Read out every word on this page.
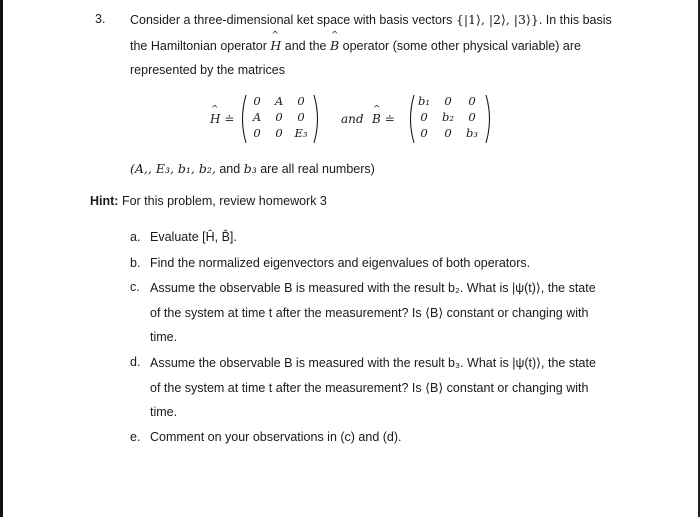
3. Consider a three-dimensional ket space with basis vectors {|1⟩, |2⟩, |3⟩}. In this basis
the Hamiltonian operator ^ H and the ^ B operator (some other physical variable) are
represented by the matrices
^ H ≐
0	A	0
A	0	0
0	0	E₃
and ^ B ≐
b₁	0	0
0	b₂	0
0	0	b₃
(A,, E₃, b₁, b₂, and b₃ are all real numbers)
Hint: For this problem, review homework 3
a. Evaluate [Ĥ, B̂].
b. Find the normalized eigenvectors and eigenvalues of both operators.
c. Assume the observable B is measured with the result b₂. What is |ψ(t)⟩, the state
of the system at time t after the measurement? Is ⟨B⟩ constant or changing with
time.
d. Assume the observable B is measured with the result b₃. What is |ψ(t)⟩, the state
of the system at time t after the measurement? Is ⟨B⟩ constant or changing with
time.
e. Comment on your observations in (c) and (d).
